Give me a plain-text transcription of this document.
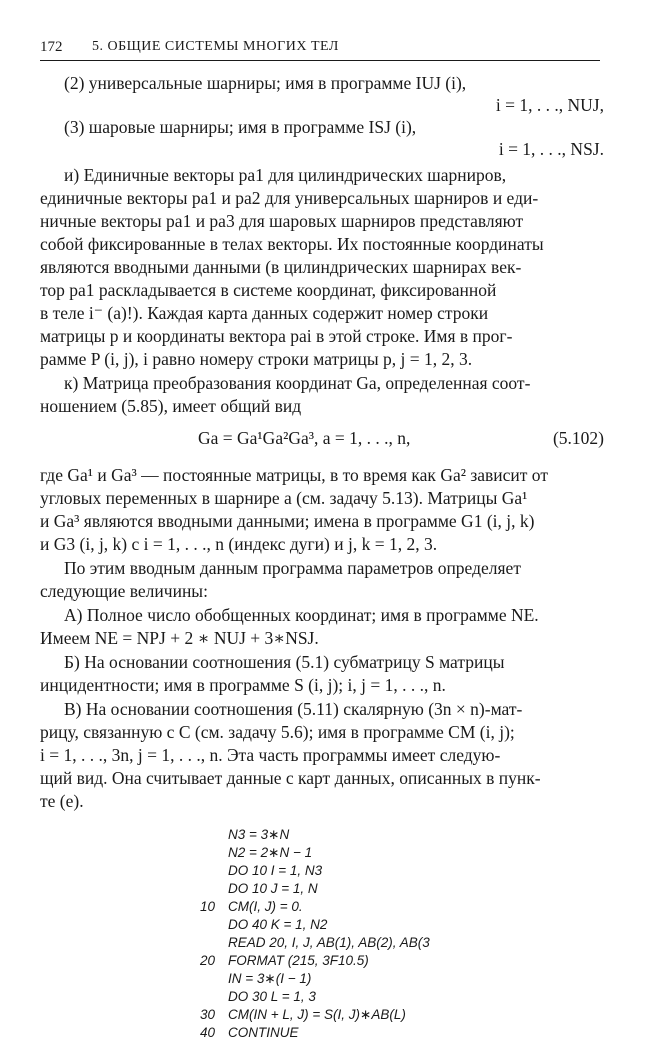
172 5. ОБЩИЕ СИСТЕМЫ МНОГИХ ТЕЛ
(2) универсальные шарниры; имя в программе IUJ (i),
i = 1, . . ., NUJ,
(3) шаровые шарниры; имя в программе ISJ (i),
i = 1, . . ., NSJ.
и) Единичные векторы pa1 для цилиндрических шарниров,
единичные векторы pa1 и pa2 для универсальных шарниров и еди-
ничные векторы pa1 и pa3 для шаровых шарниров представляют
собой фиксированные в телах векторы. Их постоянные координаты
являются вводными данными (в цилиндрических шарнирах век-
тор pa1 раскладывается в системе координат, фиксированной
в теле i⁻ (a)!). Каждая карта данных содержит номер строки
матрицы p и координаты вектора pai в этой строке. Имя в прог-
рамме P (i, j), i равно номеру строки матрицы p, j = 1, 2, 3.
к) Матрица преобразования координат Ga, определенная соот-
ношением (5.85), имеет общий вид
Ga = Ga¹Ga²Ga³, a = 1, . . ., n,	(5.102)
где Ga¹ и Ga³ — постоянные матрицы, в то время как Ga² зависит от
угловых переменных в шарнире a (см. задачу 5.13). Матрицы Ga¹
и Ga³ являются вводными данными; имена в программе G1 (i, j, k)
и G3 (i, j, k) с i = 1, . . ., n (индекс дуги) и j, k = 1, 2, 3.
По этим вводным данным программа параметров определяет
следующие величины:
А) Полное число обобщенных координат; имя в программе NE.
Имеем NE = NPJ + 2 ∗ NUJ + 3∗NSJ.
Б) На основании соотношения (5.1) субматрицу S матрицы
инцидентности; имя в программе S (i, j); i, j = 1, . . ., n.
В) На основании соотношения (5.11) скалярную (3n × n)-мат-
рицу, связанную с C (см. задачу 5.6); имя в программе CM (i, j);
i = 1, . . ., 3n, j = 1, . . ., n. Эта часть программы имеет следую-
щий вид. Она считывает данные с карт данных, описанных в пунк-
те (е).
N3 = 3∗N
N2 = 2∗N − 1
DO 10 I = 1, N3
DO 10 J = 1, N
10 CM(I, J) = 0.
DO 40 K = 1, N2
READ 20, I, J, AB(1), AB(2), AB(3
20 FORMAT (215, 3F10.5)
IN = 3∗(I − 1)
DO 30 L = 1, 3
30 CM(IN + L, J) = S(I, J)∗AB(L)
40 CONTINUE
